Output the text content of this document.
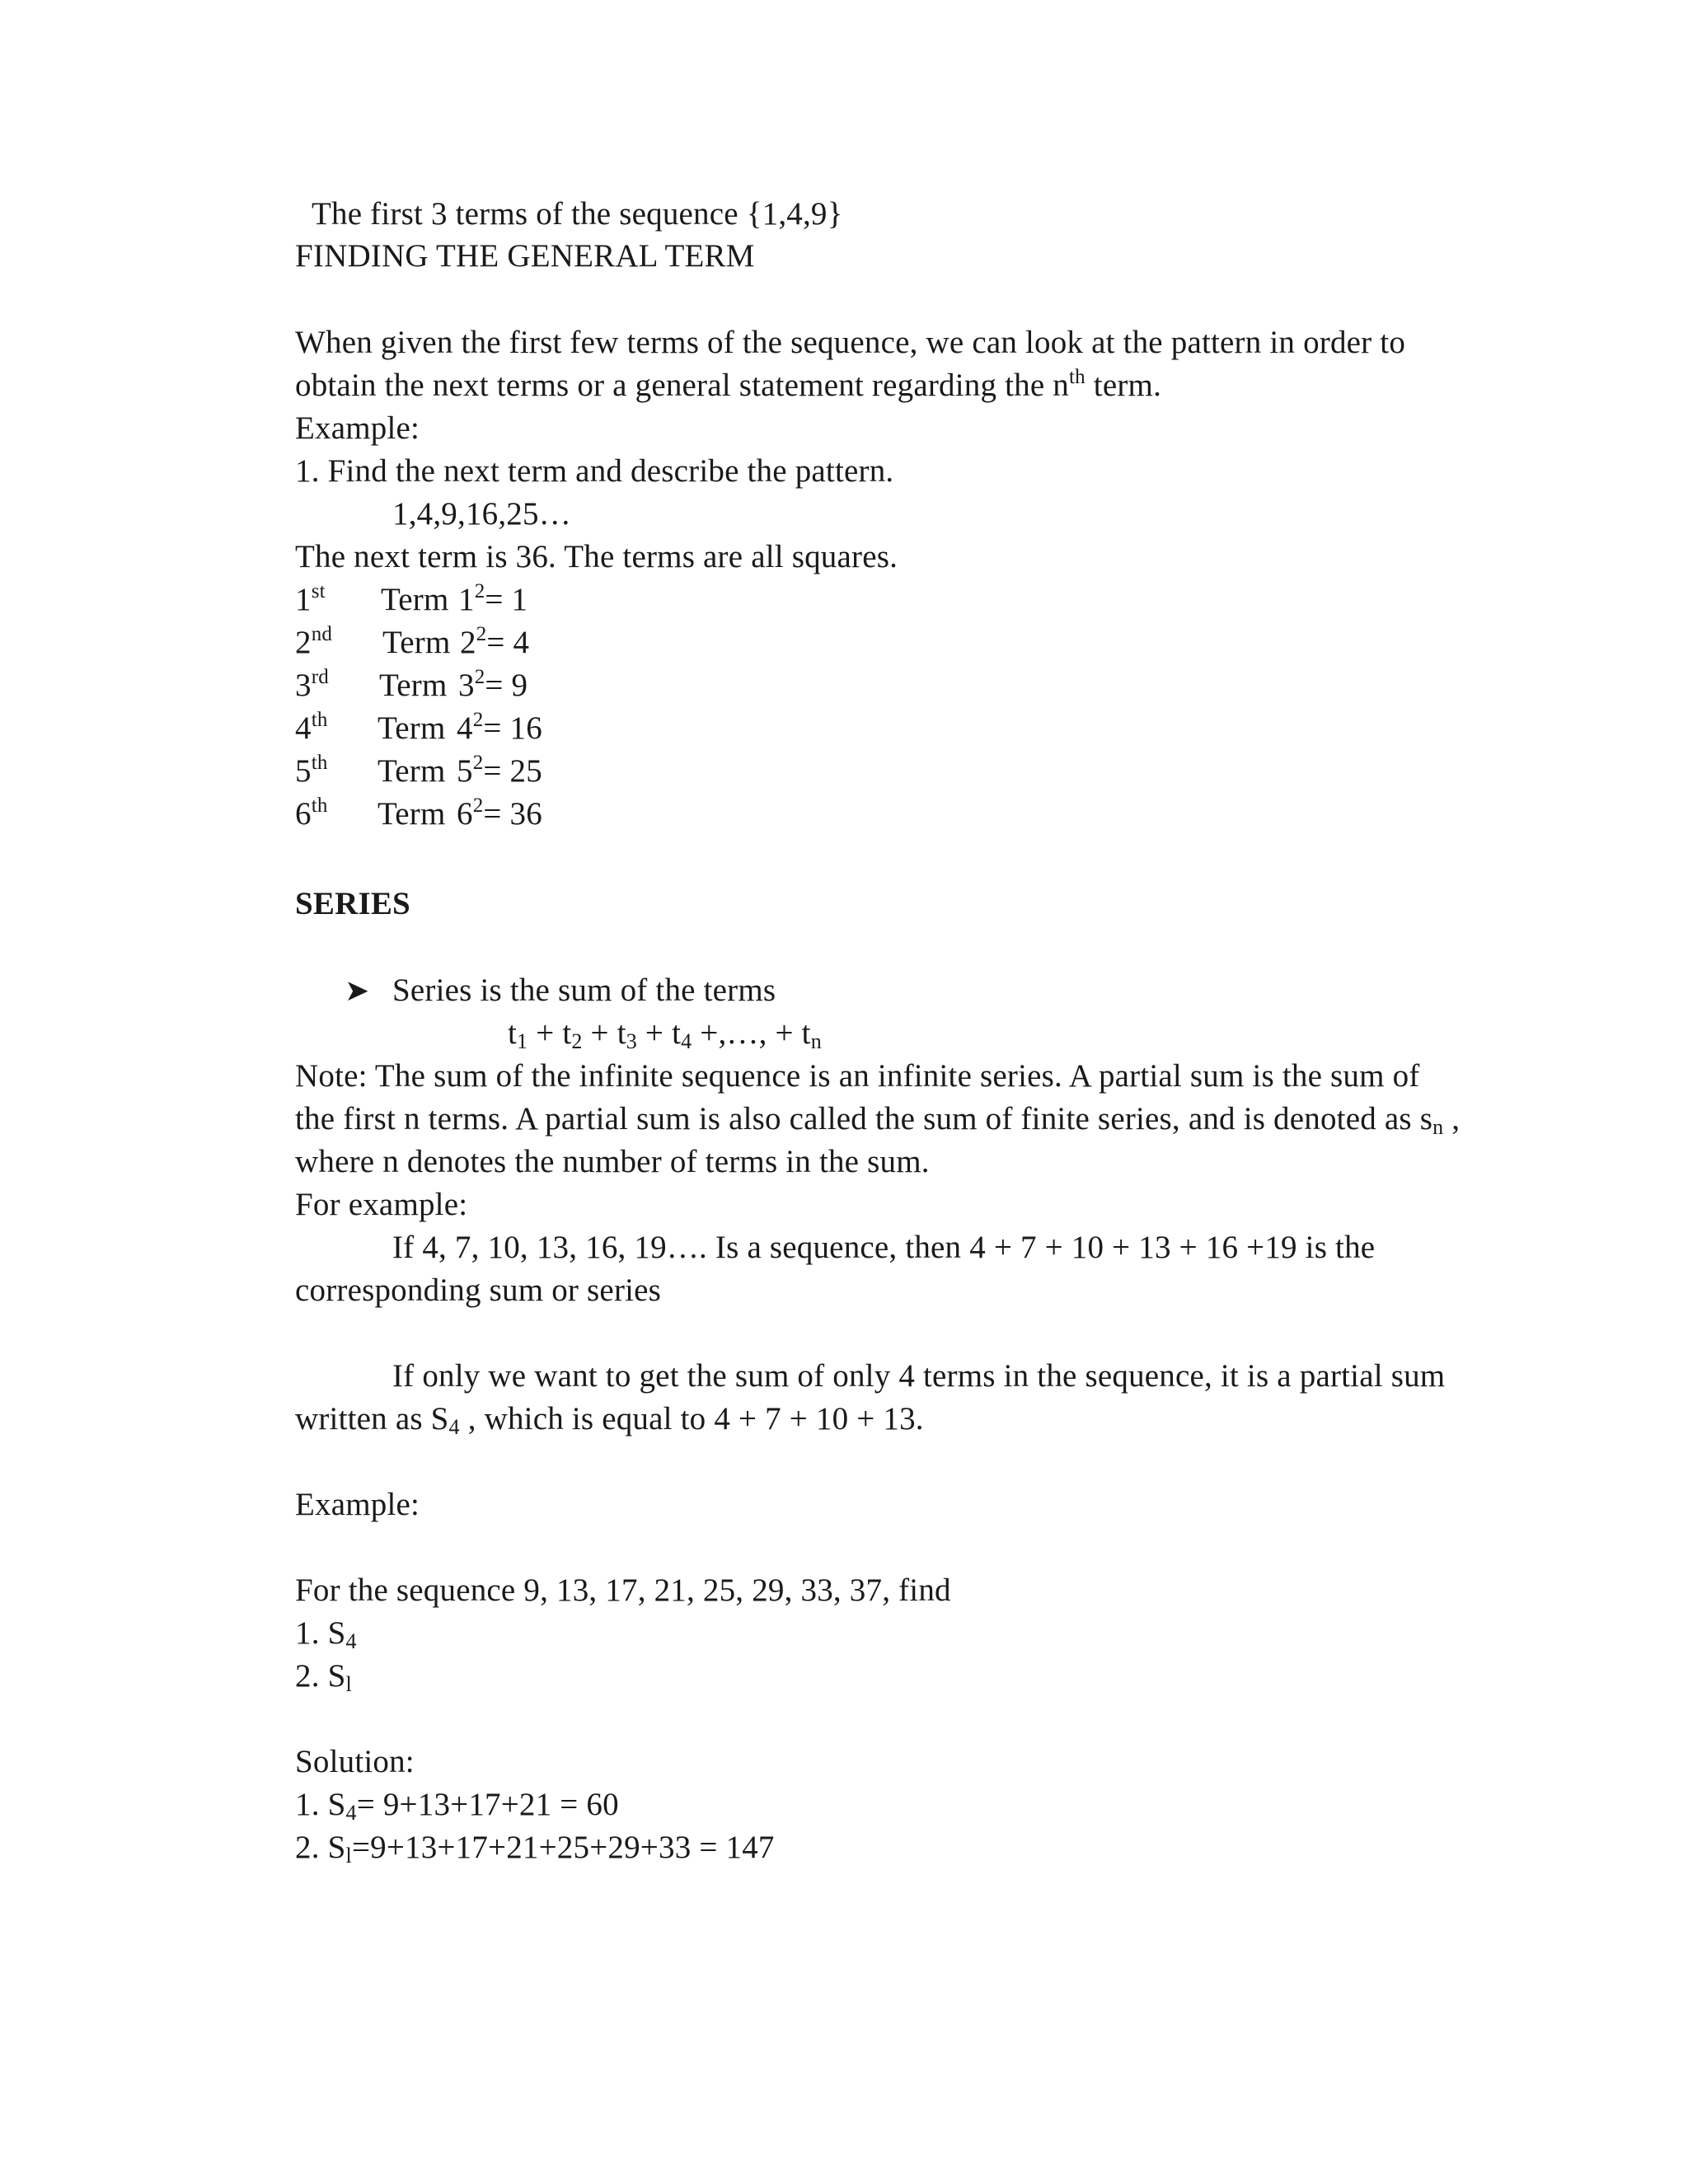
The first 3 terms of the sequence {1,4,9}
FINDING THE GENERAL TERM
When given the first few terms of the sequence, we can look at the pattern in order to
obtain the next terms or a general statement regarding the $n^{th}$ term.
Example:
1. Find the next term and describe the pattern.
1,4,9,16,25…
The next term is 36. The terms are all squares.
1st Term $1^2= 1$
2nd Term $2^2= 4$
3rd Term $3^2= 9$
4th Term $4^2= 16$
5th Term $5^2= 25$
6th Term $6^2= 36$
SERIES
➤ Series is the sum of the terms
$t_1 + t_2 + t_3 + t_4$ +,…, + $t_n$
Note: The sum of the infinite sequence is an infinite series. A partial sum is the sum of
the first n terms. A partial sum is also called the sum of finite series, and is denoted as $s_n$ ,
where n denotes the number of terms in the sum.
For example:
If 4, 7, 10, 13, 16, 19…. Is a sequence, then 4 + 7 + 10 + 13 + 16 +19 is the
corresponding sum or series
If only we want to get the sum of only 4 terms in the sequence, it is a partial sum
written as $S_4$ , which is equal to 4 + 7 + 10 + 13.
Example:
For the sequence 9, 13, 17, 21, 25, 29, 33, 37, find
1. $S_4$
2. $S_l$
Solution:
1. $S_4= 9+13+17+21 = 60$
2. $S_l=9+13+17+21+25+29+33 = 147$
